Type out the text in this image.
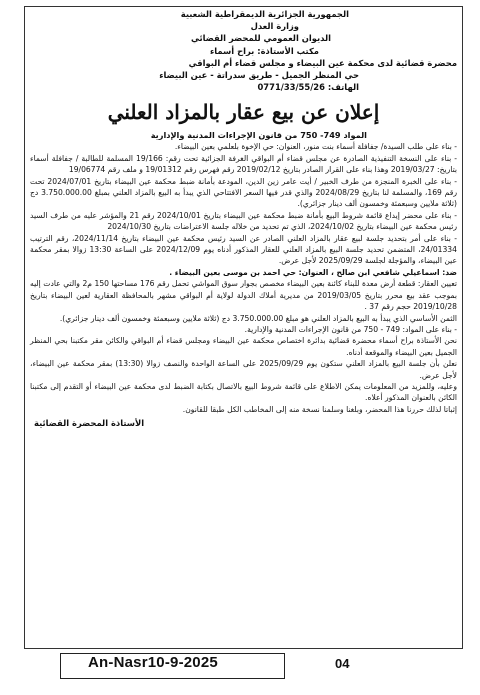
الجمهورية الجزائرية الديمقراطية الشعبية
وزارة العدل
الديوان العمومي للمحضر القضائي
مكتب الأستاذة: براح أسماء
محضرة قضائية لدى محكمة عين البيضاء و مجلس قضاء أم البواقي
حي المنظر الجميل - طريق سدراتة - عين البيضاء
الهاتف: 0771/33/55/26
إعلان عن بيع عقار بالمزاد العلني
المواد 749- 750 من قانون الإجراءات المدنية والإدارية

- بناء على طلب السيدة/ جفافلة أسماء بنت منور، العنوان: حي الإخوة بلعلمي بعين البيضاء.

- بناء على النسخة التنفيذية الصادرة عن مجلس قضاء أم البواقي الغرفة الجزائية تحت رقم: 19/166 المسلمة للطالبة / جفافلة أسماء بتاريخ: 2019/03/27 وهذا بناء على القرار الصادر بتاريخ 2019/02/12 رقم فهرس رقم 19/01312 و ملف رقم 19/06774

- بناء على الخبرة المنجزة من طرف الخبير / أيت عامر زين الدين، المودعة بأمانة ضبط محكمة عين البيضاء بتاريخ 2024/07/01 تحت رقم 169، والمسلمة لنا بتاريخ 2024/08/29 والذي قدر فيها السعر الافتتاحي الذي يبدأ به البيع بالمزاد العلني بمبلغ 3.750.000.00 دج (ثلاثة ملايين وسبعمئة وخمسون ألف دينار جزائري).

- بناء على محضر إيداع قائمة شروط البيع بأمانة ضبط محكمة عين البيضاء بتاريخ 2024/10/01 رقم 21 والمؤشر عليه من طرف السيد رئيس محكمة عين البيضاء بتاريخ 2024/10/02، الذي تم تحديد من خلاله جلسة الاعتراضات بتاريخ 2024/10/30

- بناء على أمر بتحديد جلسة لبيع عقار بالمزاد العلني الصادر عن السيد رئيس محكمة عين البيضاء بتاريخ 2024/11/14، رقم الترتيب 24/01334، المتضمن تحديد جلسة البيع بالمزاد العلني للعقار المذكور أدناه يوم 2024/12/09 على الساعة 13:30 زوالا بمقر محكمة عين البيضاء، والمؤجلة لجلسة 2025/09/29 لأجل عرض.

ضد: اسماعيلي شافعي ابن صالح ، العنوان: حي احمد بن موسى بعين البيضاء .

تعيين العقار: قطعة أرض معدة للبناء كائنة بعين البيضاء مخصص بجوار سوق المواشي تحمل رقم 176 مساحتها 150 م2 والتي عادت إليه بموجب عقد بيع محرر بتاريخ 2019/03/05 من مديرية أملاك الدولة لولاية أم البواقي مشهر بالمحافظة العقارية لعين البيضاء بتاريخ 2019/10/28 حجم رقم 37 .

الثمن الأساسي الذي يبدأ به البيع بالمزاد العلني هو مبلغ 3.750.000.00 دج (ثلاثة ملايين وسبعمئة وخمسون ألف دينار جزائري).

- بناء على المواد: 749 - 750 من قانون الإجراءات المدنية والإدارية.

نحن الأستاذة براح أسماء محضرة قضائية بدائرة اختصاص محكمة عين البيضاء ومجلس قضاء أم البواقي والكائن مقر مكتبنا بحي المنظر الجميل بعين البيضاء والموقعة أدناه.

نعلن بأن جلسة البيع بالمزاد العلني ستكون يوم 2025/09/29 على الساعة الواحدة والنصف زوالا (13:30) بمقر محكمة عين البيضاء، لأجل عرض.

وعليه، وللمزيد من المعلومات يمكن الاطلاع على قائمة شروط البيع بالاتصال بكتابة الضبط لدى محكمة عين البيضاء أو التقدم إلى مكتبنا الكائن بالعنوان المذكور أعلاه.

إثباتا لذلك حررنا هذا المحضر، وبلغنا وسلمنا نسخة منه إلى المخاطب الكل طبقا للقانون.

الأستاذة المحضرة القضائية
An-Nasr10-9-2025	04
